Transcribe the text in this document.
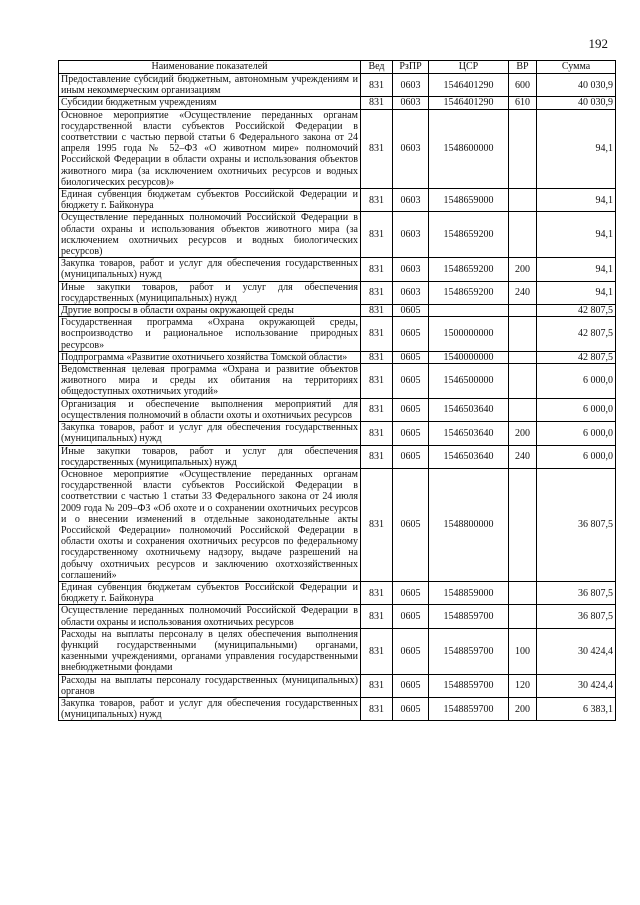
192
Наименование показателей	Вед	РзПР	ЦСР	ВР	Сумма
Предоставление субсидий бюджетным, автономным учреждениям и иным некоммерческим организациям	831	0603	1546401290	600	40 030,9
Субсидии бюджетным учреждениям	831	0603	1546401290	610	40 030,9
Основное мероприятие «Осуществление переданных органам государственной власти субъектов Российской Федерации в соответствии с частью первой статьи 6 Федерального закона от 24 апреля 1995 года № 52–ФЗ «О животном мире» полномочий Российской Федерации в области охраны и использования объектов животного мира (за исключением охотничьих ресурсов и водных биологических ресурсов)»	831	0603	1548600000		94,1
Единая субвенция бюджетам субъектов Российской Федерации и бюджету г. Байконура	831	0603	1548659000		94,1
Осуществление переданных полномочий Российской Федерации в области охраны и использования объектов животного мира (за исключением охотничьих ресурсов и водных биологических ресурсов)	831	0603	1548659200		94,1
Закупка товаров, работ и услуг для обеспечения государственных (муниципальных) нужд	831	0603	1548659200	200	94,1
Иные закупки товаров, работ и услуг для обеспечения государственных (муниципальных) нужд	831	0603	1548659200	240	94,1
Другие вопросы в области охраны окружающей среды	831	0605			42 807,5
Государственная программа «Охрана окружающей среды, воспроизводство и рациональное использование природных ресурсов»	831	0605	1500000000		42 807,5
Подпрограмма «Развитие охотничьего хозяйства Томской области»	831	0605	1540000000		42 807,5
Ведомственная целевая программа «Охрана и развитие объектов животного мира и среды их обитания на территориях общедоступных охотничьих угодий»	831	0605	1546500000		6 000,0
Организация и обеспечение выполнения мероприятий для осуществления полномочий в области охоты и охотничьих ресурсов	831	0605	1546503640		6 000,0
Закупка товаров, работ и услуг для обеспечения государственных (муниципальных) нужд	831	0605	1546503640	200	6 000,0
Иные закупки товаров, работ и услуг для обеспечения государственных (муниципальных) нужд	831	0605	1546503640	240	6 000,0
Основное мероприятие «Осуществление переданных органам государственной власти субъектов Российской Федерации в соответствии с частью 1 статьи 33 Федерального закона от 24 июля 2009 года № 209–ФЗ «Об охоте и о сохранении охотничьих ресурсов и о внесении изменений в отдельные законодательные акты Российской Федерации» полномочий Российской Федерации в области охоты и сохранения охотничьих ресурсов по федеральному государственному охотничьему надзору, выдаче разрешений на добычу охотничьих ресурсов и заключению охотхозяйственных соглашений»	831	0605	1548800000		36 807,5
Единая субвенция бюджетам субъектов Российской Федерации и бюджету г. Байконура	831	0605	1548859000		36 807,5
Осуществление переданных полномочий Российской Федерации в области охраны и использования охотничьих ресурсов	831	0605	1548859700		36 807,5
Расходы на выплаты персоналу в целях обеспечения выполнения функций государственными (муниципальными) органами, казенными учреждениями, органами управления государственными внебюджетными фондами	831	0605	1548859700	100	30 424,4
Расходы на выплаты персоналу государственных (муниципальных) органов	831	0605	1548859700	120	30 424,4
Закупка товаров, работ и услуг для обеспечения государственных (муниципальных) нужд	831	0605	1548859700	200	6 383,1
